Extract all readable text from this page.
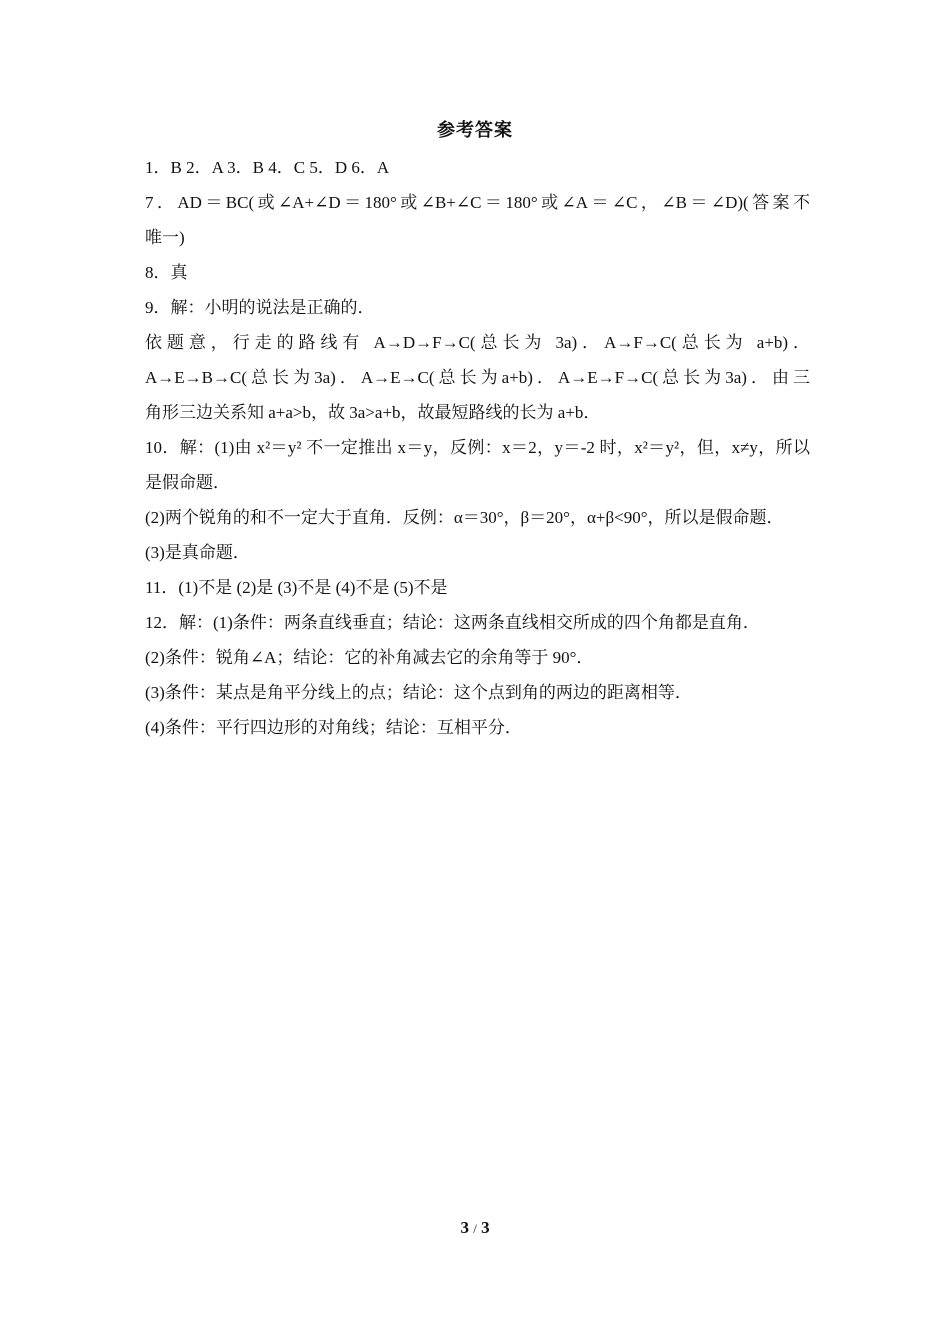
参考答案
1．B 2．A 3．B 4．C 5．D 6．A
7．AD＝BC(或∠A+∠D＝180°或∠B+∠C＝180°或∠A＝∠C，∠B＝∠D)(答案不
唯一)
8．真
9．解：小明的说法是正确的．
依题意，行走的路线有 A→D→F→C(总长为 3a)．A→F→C(总长为 a+b)．
A→E→B→C(总长为3a)．A→E→C(总长为a+b)．A→E→F→C(总长为3a)．由三
角形三边关系知 a+a>b，故 3a>a+b，故最短路线的长为 a+b．
10．解：(1)由 x²＝y² 不一定推出 x＝y，反例：x＝2，y＝-2 时，x²＝y²，但，x≠y，所以
是假命题．
(2)两个锐角的和不一定大于直角．反例：α＝30°，β＝20°，α+β<90°，所以是假命题．
(3)是真命题．
11．(1)不是 (2)是 (3)不是 (4)不是 (5)不是
12．解：(1)条件：两条直线垂直；结论：这两条直线相交所成的四个角都是直角．
(2)条件：锐角∠A；结论：它的补角减去它的余角等于 90°．
(3)条件：某点是角平分线上的点；结论：这个点到角的两边的距离相等．
(4)条件：平行四边形的对角线；结论：互相平分．
3 / 3
